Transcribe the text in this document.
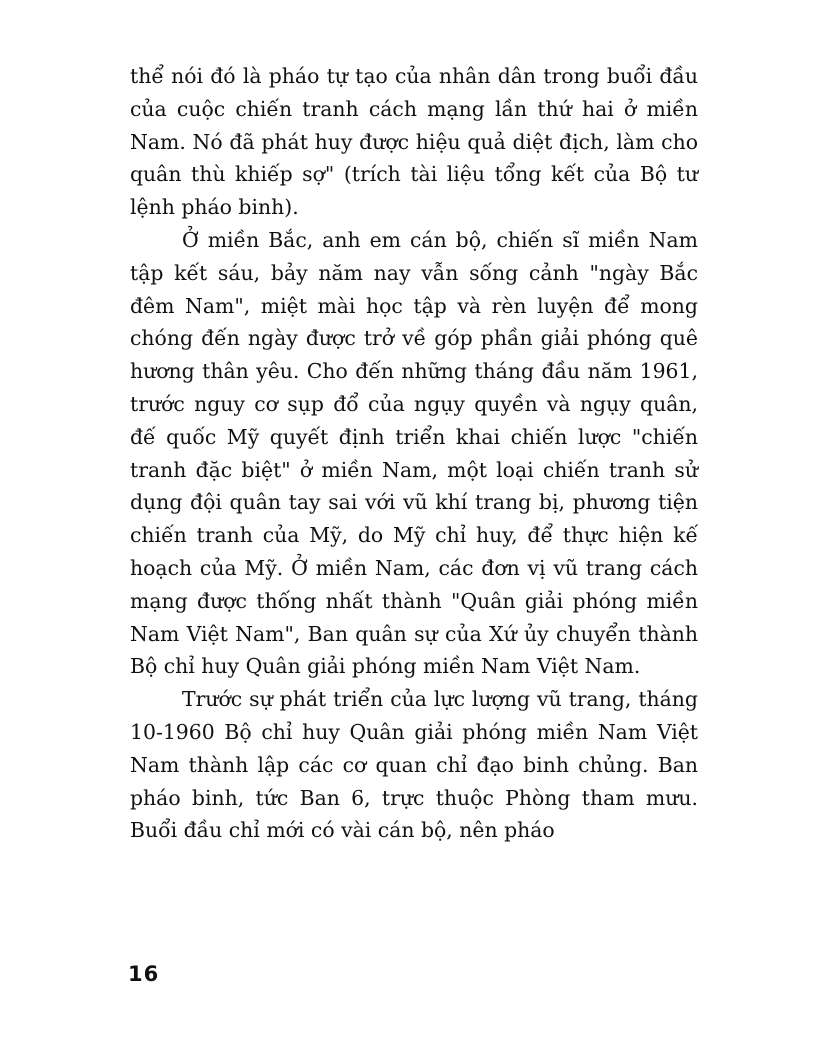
thể nói đó là pháo tự tạo của nhân dân trong buổi đầu của cuộc chiến tranh cách mạng lần thứ hai ở miền Nam. Nó đã phát huy được hiệu quả diệt địch, làm cho quân thù khiếp sợ" (trích tài liệu tổng kết của Bộ tư lệnh pháo binh).

Ở miền Bắc, anh em cán bộ, chiến sĩ miền Nam tập kết sáu, bảy năm nay vẫn sống cảnh "ngày Bắc đêm Nam", miệt mài học tập và rèn luyện để mong chóng đến ngày được trở về góp phần giải phóng quê hương thân yêu. Cho đến những tháng đầu năm 1961, trước nguy cơ sụp đổ của ngụy quyền và ngụy quân, đế quốc Mỹ quyết định triển khai chiến lược "chiến tranh đặc biệt" ở miền Nam, một loại chiến tranh sử dụng đội quân tay sai với vũ khí trang bị, phương tiện chiến tranh của Mỹ, do Mỹ chỉ huy, để thực hiện kế hoạch của Mỹ. Ở miền Nam, các đơn vị vũ trang cách mạng được thống nhất thành "Quân giải phóng miền Nam Việt Nam", Ban quân sự của Xứ ủy chuyển thành Bộ chỉ huy Quân giải phóng miền Nam Việt Nam.

Trước sự phát triển của lực lượng vũ trang, tháng 10-1960 Bộ chỉ huy Quân giải phóng miền Nam Việt Nam thành lập các cơ quan chỉ đạo binh chủng. Ban pháo binh, tức Ban 6, trực thuộc Phòng tham mưu. Buổi đầu chỉ mới có vài cán bộ, nên pháo

16
